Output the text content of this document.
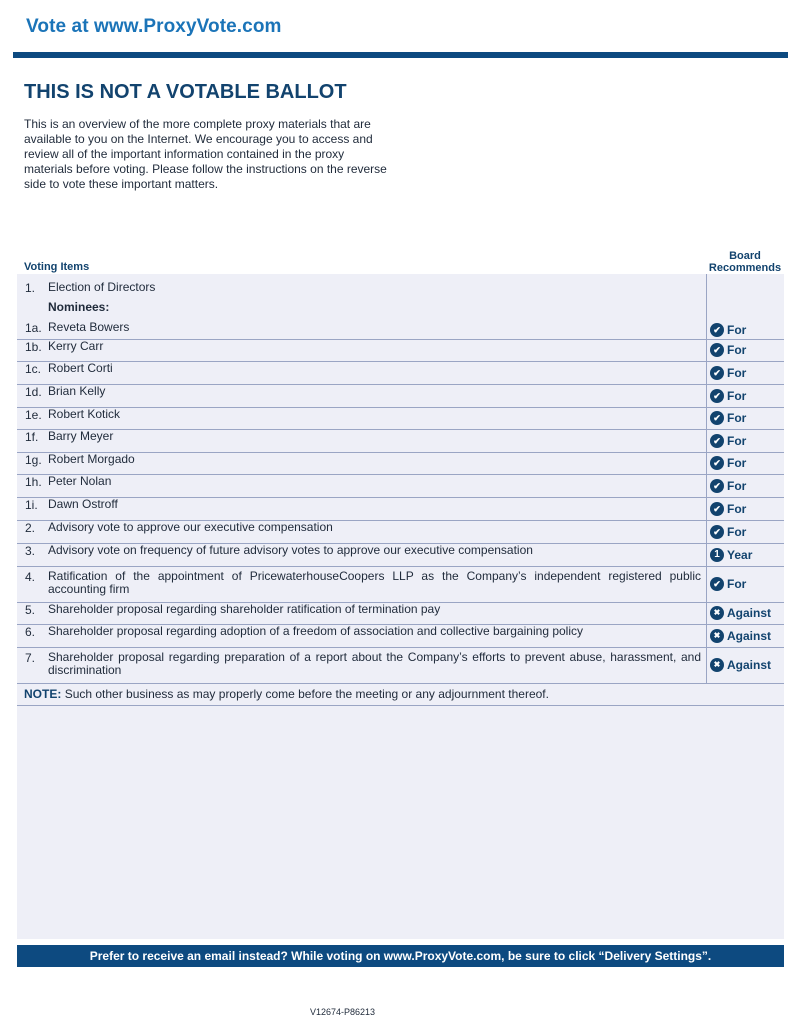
Vote at www.ProxyVote.com
THIS IS NOT A VOTABLE BALLOT
This is an overview of the more complete proxy materials that are available to you on the Internet. We encourage you to access and review all of the important information contained in the proxy materials before voting. Please follow the instructions on the reverse side to vote these important matters.
Voting Items
Board
Recommends
1. Election of Directors
Nominees:
1a. Reveta Bowers	✔ For
1b. Kerry Carr	✔ For
1c. Robert Corti	✔ For
1d. Brian Kelly	✔ For
1e. Robert Kotick	✔ For
1f. Barry Meyer	✔ For
1g. Robert Morgado	✔ For
1h. Peter Nolan	✔ For
1i. Dawn Ostroff	✔ For
2. Advisory vote to approve our executive compensation	✔ For
3. Advisory vote on frequency of future advisory votes to approve our executive compensation	1 Year
4. Ratification of the appointment of PricewaterhouseCoopers LLP as the Company’s independent registered public accounting firm	✔ For
5. Shareholder proposal regarding shareholder ratification of termination pay	✖ Against
6. Shareholder proposal regarding adoption of a freedom of association and collective bargaining policy	✖ Against
7. Shareholder proposal regarding preparation of a report about the Company’s efforts to prevent abuse, harassment, and discrimination	✖ Against
NOTE: Such other business as may properly come before the meeting or any adjournment thereof.
Prefer to receive an email instead? While voting on www.ProxyVote.com, be sure to click “Delivery Settings”.
V12674-P86213
